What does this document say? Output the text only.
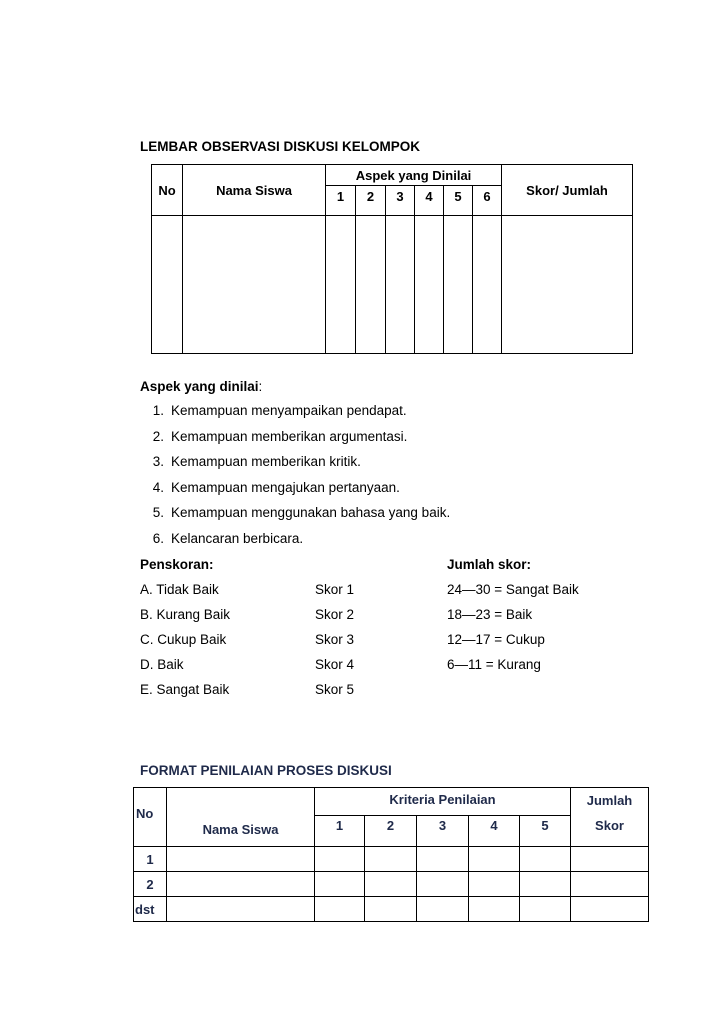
LEMBAR OBSERVASI DISKUSI KELOMPOK
No	Nama Siswa	Aspek yang Dinilai						Skor/ Jumlah
		1	2	3	4	5	6	

Aspek yang dinilai:
1. Kemampuan menyampaikan pendapat.
2. Kemampuan memberikan argumentasi.
3. Kemampuan memberikan kritik.
4. Kemampuan mengajukan pertanyaan.
5. Kemampuan menggunakan bahasa yang baik.
6. Kelancaran berbicara.
Penskoran:	Jumlah skor:
A. Tidak Baik	Skor 1	24—30 = Sangat Baik
B. Kurang Baik	Skor 2	18—23 = Baik
C. Cukup Baik	Skor 3	12—17 = Cukup
D. Baik	Skor 4	6—11 = Kurang
E. Sangat Baik	Skor 5
FORMAT PENILAIAN PROSES DISKUSI
No	Nama Siswa	Kriteria Penilaian					Jumlah
		1	2	3	4	5	Skor
1							
2							
dst							
